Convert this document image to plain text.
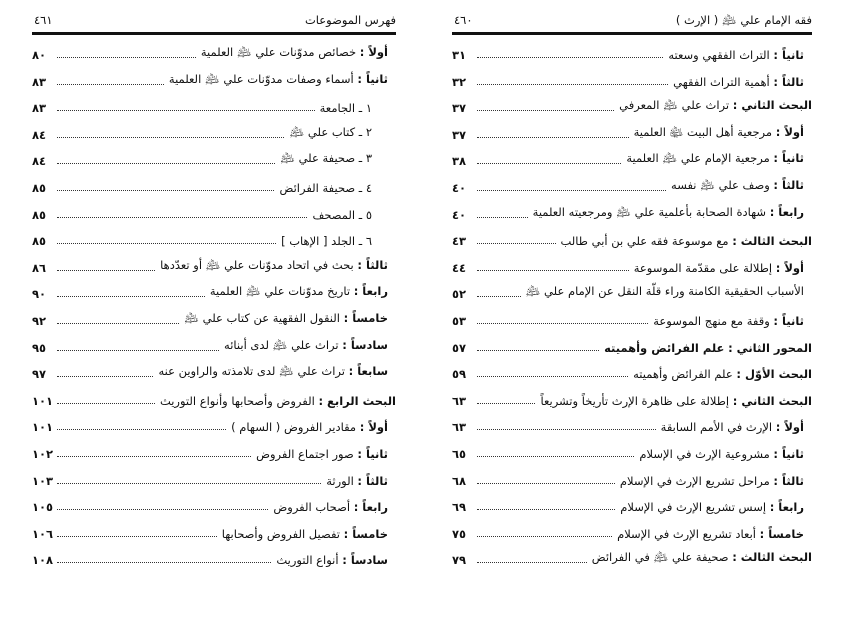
فهرس الموضوعات
٤٦١
أولاً : خصائص مدوّنات علي ﵇ العلمية
٨٠
ثانياً : أسماء وصفات مدوّنات علي ﵇ العلمية
٨٣
١ ـ الجامعة
٨٣
٢ ـ كتاب علي ﵇
٨٤
٣ ـ صحيفة علي ﵇
٨٤
٤ ـ صحيفة الفرائض
٨٥
٥ ـ المصحف
٨٥
٦ ـ الجلد [ الإهاب ]
٨٥
ثالثاً : بحث في اتحاد مدوّنات علي ﵇ أو تعدّدها
٨٦
رابعاً : تاريخ مدوّنات علي ﵇ العلمية
٩٠
خامساً : النقول الفقهية عن كتاب علي ﵇
٩٢
سادساً : تراث علي ﵇ لدى أبنائه
٩٥
سابعاً : تراث علي ﵇ لدى تلامذته والراوين عنه
٩٧
البحث الرابع : الفروض وأصحابها وأنواع التوريث
١٠١
أولاً : مقادير الفروض ( السهام )
١٠١
ثانياً : صور اجتماع الفروض
١٠٢
ثالثاً : الورثة
١٠٣
رابعاً : أصحاب الفروض
١٠٥
خامساً : تفصيل الفروض وأصحابها
١٠٦
سادساً : أنواع التوريث
١٠٨
فقه الإمام علي ﵇ ( الإرث )
٤٦٠
ثانياً : التراث الفقهي وسعته
٣١
ثالثاً : أهمية التراث الفقهي
٣٢
البحث الثاني : تراث علي ﵇ المعرفي
٣٧
أولاً : مرجعية أهل البيت ﵍ العلمية
٣٧
ثانياً : مرجعية الإمام علي ﵇ العلمية
٣٨
ثالثاً : وصف علي ﵇ نفسه
٤٠
رابعاً : شهادة الصحابة بأعلمية علي ﵇ ومرجعيته العلمية
٤٠
البحث الثالث : مع موسوعة فقه علي بن أبي طالب
٤٣
أولاً : إطلالة على مقدّمة الموسوعة
٤٤
الأسباب الحقيقية الكامنة وراء قلّة النقل عن الإمام علي ﵇
٥٢
ثانياً : وقفة مع منهج الموسوعة
٥٣
المحور الثاني : علم الفرائض وأهميته
٥٧
البحث الأوّل : علم الفرائض وأهميته
٥٩
البحث الثاني : إطلالة على ظاهرة الإرث تأريخاً وتشريعاً
٦٣
أولاً : الإرث في الأمم السابقة
٦٣
ثانياً : مشروعية الإرث في الإسلام
٦٥
ثالثاً : مراحل تشريع الإرث في الإسلام
٦٨
رابعاً : إسس تشريع الإرث في الإسلام
٦٩
خامساً : أبعاد تشريع الإرث في الإسلام
٧٥
البحث الثالث : صحيفة علي ﵇ في الفرائض
٧٩
